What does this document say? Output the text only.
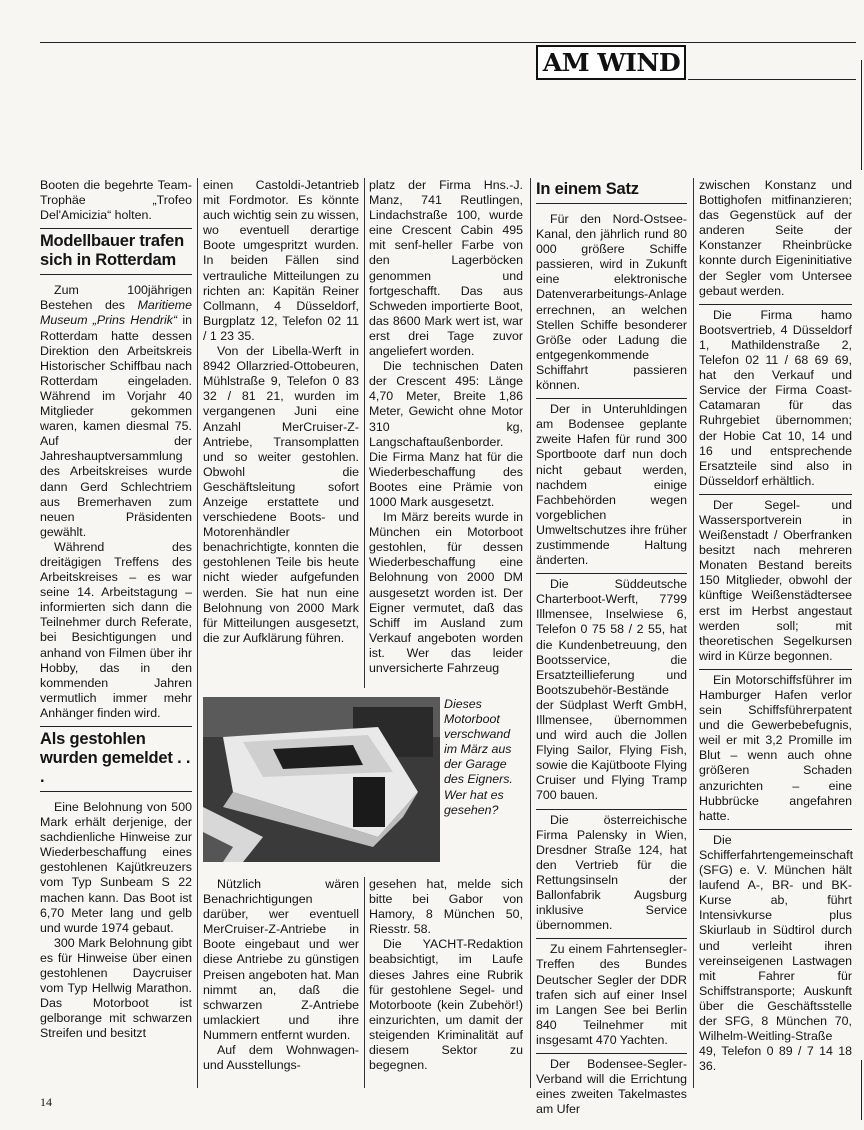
AM WIND

Booten die begehrte Team-Trophäe „Trofeo Del'Amicizia“ holten.

Modellbauer trafen sich in Rotterdam

Zum 100jährigen Bestehen des Maritieme Museum „Prins Hendrik“ in Rotterdam hatte dessen Direktion den Arbeitskreis Historischer Schiffbau nach Rotterdam eingeladen. Während im Vorjahr 40 Mitglieder gekommen waren, kamen diesmal 75. Auf der Jahreshauptversammlung des Arbeitskreises wurde dann Gerd Schlechtriem aus Bremerhaven zum neuen Präsidenten gewählt.

Während des dreitägigen Treffens des Arbeitskreises – es war seine 14. Arbeitstagung – informierten sich dann die Teilnehmer durch Referate, bei Besichtigungen und anhand von Filmen über ihr Hobby, das in den kommenden Jahren vermutlich immer mehr Anhänger finden wird.

Als gestohlen wurden gemeldet . . .

Eine Belohnung von 500 Mark erhält derjenige, der sachdienliche Hinweise zur Wiederbeschaffung eines gestohlenen Kajütkreuzers vom Typ Sunbeam S 22 machen kann. Das Boot ist 6,70 Meter lang und gelb und wurde 1974 gebaut.

300 Mark Belohnung gibt es für Hinweise über einen gestohlenen Daycruiser vom Typ Hellwig Marathon. Das Motorboot ist gelborange mit schwarzen Streifen und besitzt

einen Castoldi-Jetantrieb mit Fordmotor. Es könnte auch wichtig sein zu wissen, wo eventuell derartige Boote umgespritzt wurden. In beiden Fällen sind vertrauliche Mitteilungen zu richten an: Kapitän Reiner Collmann, 4 Düsseldorf, Burgplatz 12, Telefon 02 11 / 1 23 35.

Von der Libella-Werft in 8942 Ollarzried-Ottobeuren, Mühlstraße 9, Telefon 0 83 32 / 81 21, wurden im vergangenen Juni eine Anzahl MerCruiser-Z-Antriebe, Transomplatten und so weiter gestohlen. Obwohl die Geschäftsleitung sofort Anzeige erstattete und verschiedene Boots- und Motorenhändler benachrichtigte, konnten die gestohlenen Teile bis heute nicht wieder aufgefunden werden. Sie hat nun eine Belohnung von 2000 Mark für Mitteilungen ausgesetzt, die zur Aufklärung führen.

Nützlich wären Benachrichtigungen darüber, wer eventuell MerCruiser-Z-Antriebe in Boote eingebaut und wer diese Antriebe zu günstigen Preisen angeboten hat. Man nimmt an, daß die schwarzen Z-Antriebe umlackiert und ihre Nummern entfernt wurden.

Auf dem Wohnwagen- und Ausstellungs-

platz der Firma Hns.-J. Manz, 741 Reutlingen, Lindachstraße 100, wurde eine Crescent Cabin 495 mit senf-heller Farbe von den Lagerböcken genommen und fortgeschafft. Das aus Schweden importierte Boot, das 8600 Mark wert ist, war erst drei Tage zuvor angeliefert worden.

Die technischen Daten der Crescent 495: Länge 4,70 Meter, Breite 1,86 Meter, Gewicht ohne Motor 310 kg, Langschaftaußenborder. Die Firma Manz hat für die Wiederbeschaffung des Bootes eine Prämie von 1000 Mark ausgesetzt.

Im März bereits wurde in München ein Motorboot gestohlen, für dessen Wiederbeschaffung eine Belohnung von 2000 DM ausgesetzt worden ist. Der Eigner vermutet, daß das Schiff im Ausland zum Verkauf angeboten worden ist. Wer das leider unversicherte Fahrzeug

gesehen hat, melde sich bitte bei Gabor von Hamory, 8 München 50, Riesstr. 58.

Die YACHT-Redaktion beabsichtigt, im Laufe dieses Jahres eine Rubrik für gestohlene Segel- und Motorboote (kein Zubehör!) einzurichten, um damit der steigenden Kriminalität auf diesem Sektor zu begegnen.

Dieses Motorboot verschwand im März aus der Garage des Eigners. Wer hat es gesehen?
In einem Satz

Für den Nord-Ostsee-Kanal, den jährlich rund 80 000 größere Schiffe passieren, wird in Zukunft eine elektronische Datenverarbeitungs-Anlage errechnen, an welchen Stellen Schiffe besonderer Größe oder Ladung die entgegenkommende Schiffahrt passieren können.

Der in Unteruhldingen am Bodensee geplante zweite Hafen für rund 300 Sportboote darf nun doch nicht gebaut werden, nachdem einige Fachbehörden wegen vorgeblichen Umweltschutzes ihre früher zustimmende Haltung änderten.

Die Süddeutsche Charterboot-Werft, 7799 Illmensee, Inselwiese 6, Telefon 0 75 58 / 2 55, hat die Kundenbetreuung, den Bootsservice, die Ersatzteillieferung und Bootszubehör-Bestände der Südplast Werft GmbH, Illmensee, übernommen und wird auch die Jollen Flying Sailor, Flying Fish, sowie die Kajütboote Flying Cruiser und Flying Tramp 700 bauen.

Die österreichische Firma Palensky in Wien, Dresdner Straße 124, hat den Vertrieb für die Rettungsinseln der Ballonfabrik Augsburg inklusive Service übernommen.

Zu einem Fahrtensegler-Treffen des Bundes Deutscher Segler der DDR trafen sich auf einer Insel im Langen See bei Berlin 840 Teilnehmer mit insgesamt 470 Yachten.

Der Bodensee-Segler-Verband will die Errichtung eines zweiten Takelmastes am Ufer

zwischen Konstanz und Bottighofen mitfinanzieren; das Gegenstück auf der anderen Seite der Konstanzer Rheinbrücke konnte durch Eigeninitiative der Segler vom Untersee gebaut werden.

Die Firma hamo Bootsvertrieb, 4 Düsseldorf 1, Mathildenstraße 2, Telefon 02 11 / 68 69 69, hat den Verkauf und Service der Firma Coast-Catamaran für das Ruhrgebiet übernommen; der Hobie Cat 10, 14 und 16 und entsprechende Ersatzteile sind also in Düsseldorf erhältlich.

Der Segel- und Wassersportverein in Weißenstadt / Oberfranken besitzt nach mehreren Monaten Bestand bereits 150 Mitglieder, obwohl der künftige Weißenstädtersee erst im Herbst angestaut werden soll; mit theoretischen Segelkursen wird in Kürze begonnen.

Ein Motorschiffsführer im Hamburger Hafen verlor sein Schiffsführerpatent und die Gewerbebefugnis, weil er mit 3,2 Promille im Blut – wenn auch ohne größeren Schaden anzurichten – eine Hubbrücke angefahren hatte.

Die Schifferfahrtengemeinschaft (SFG) e. V. München hält laufend A-, BR- und BK-Kurse ab, führt Intensivkurse plus Skiurlaub in Südtirol durch und verleiht ihren vereinseigenen Lastwagen mit Fahrer für Schiffstransporte; Auskunft über die Geschäftsstelle der SFG, 8 München 70, Wilhelm-Weitling-Straße 49, Telefon 0 89 / 7 14 18 36.

14
